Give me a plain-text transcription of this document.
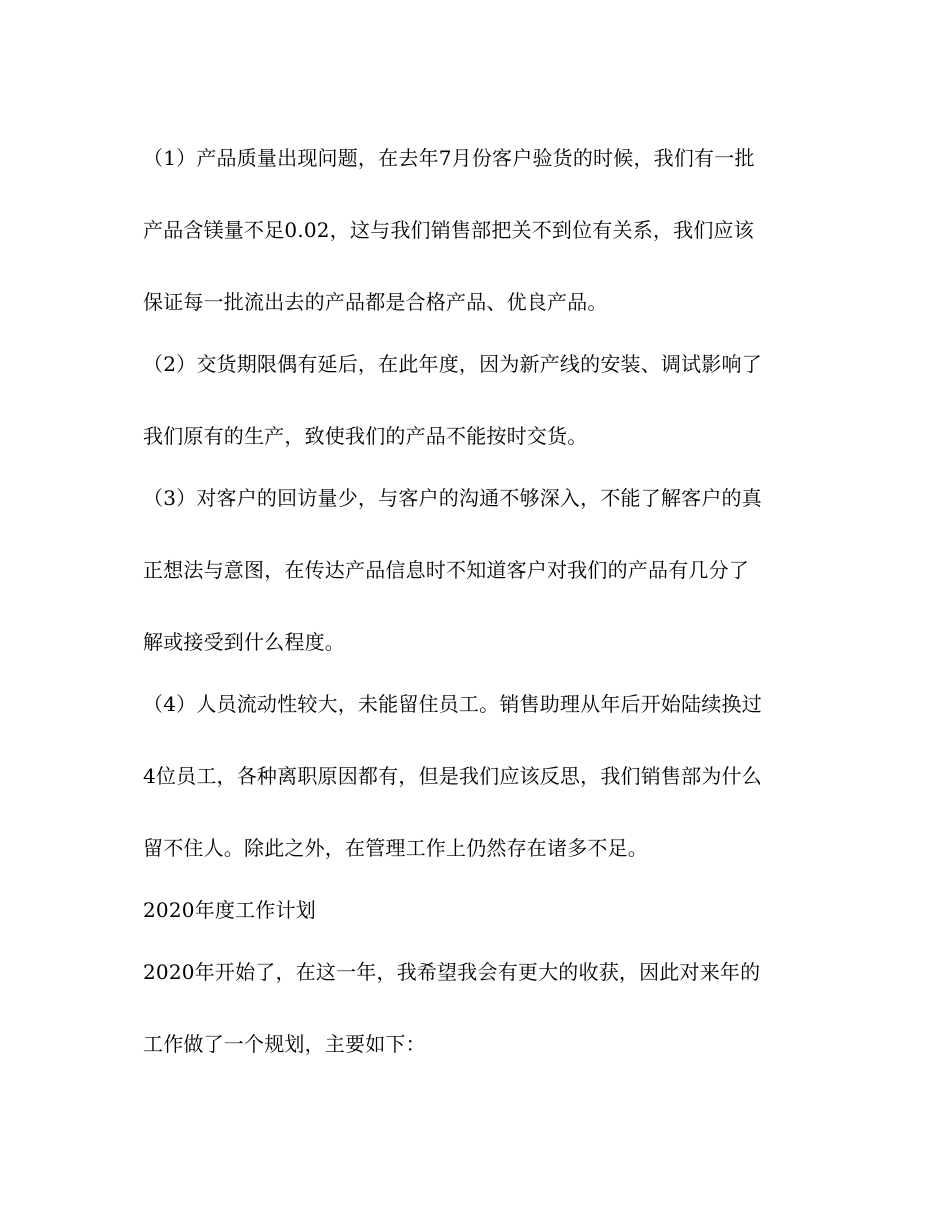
（1）产品质量出现问题，在去年7月份客户验货的时候，我们有一批
产品含镁量不足0.02，这与我们销售部把关不到位有关系，我们应该
保证每一批流出去的产品都是合格产品、优良产品。
（2）交货期限偶有延后，在此年度，因为新产线的安装、调试影响了
我们原有的生产，致使我们的产品不能按时交货。
（3）对客户的回访量少，与客户的沟通不够深入，不能了解客户的真
正想法与意图，在传达产品信息时不知道客户对我们的产品有几分了
解或接受到什么程度。
（4）人员流动性较大，未能留住员工。销售助理从年后开始陆续换过
4位员工，各种离职原因都有，但是我们应该反思，我们销售部为什么
留不住人。除此之外，在管理工作上仍然存在诸多不足。
2020年度工作计划
2020年开始了，在这一年，我希望我会有更大的收获，因此对来年的
工作做了一个规划，主要如下：
